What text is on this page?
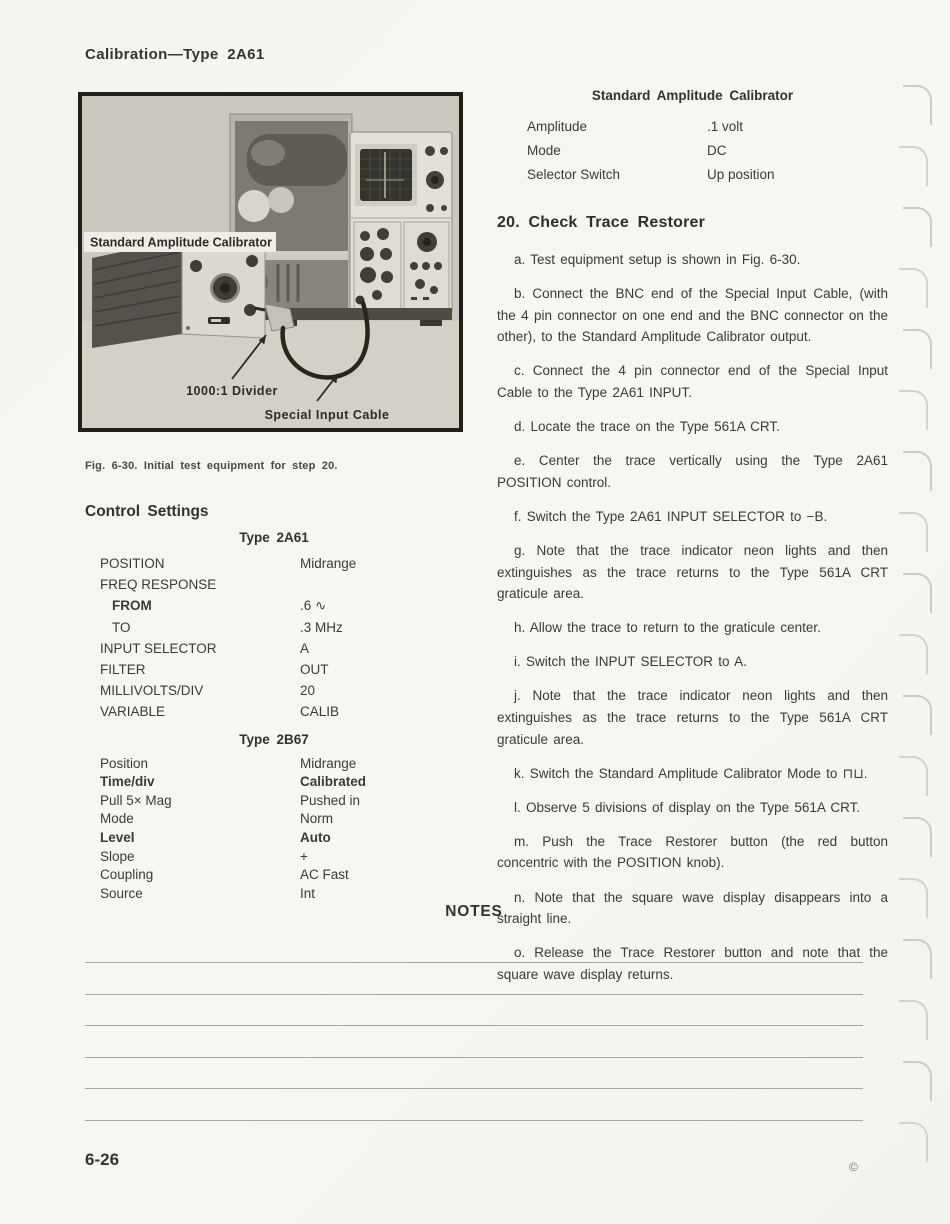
Calibration—Type 2A61
Standard Amplitude Calibrator
1000:1 Divider
Special Input Cable
Fig. 6-30. Initial test equipment for step 20.
Control Settings
Type 2A61
POSITION	Midrange
FREQ RESPONSE
FROM	.6 ∿
TO	.3 MHz
INPUT SELECTOR	A
FILTER	OUT
MILLIVOLTS/DIV	20
VARIABLE	CALIB
Type 2B67
Position	Midrange
Time/div	Calibrated
Pull 5× Mag	Pushed in
Mode	Norm
Level	Auto
Slope	+
Coupling	AC Fast
Source	Int
Standard Amplitude Calibrator
Amplitude	.1 volt
Mode	DC
Selector Switch	Up position
20. Check Trace Restorer

a. Test equipment setup is shown in Fig. 6-30.

b. Connect the BNC end of the Special Input Cable, (with the 4 pin connector on one end and the BNC connector on the other), to the Standard Amplitude Calibrator output.

c. Connect the 4 pin connector end of the Special Input Cable to the Type 2A61 INPUT.

d. Locate the trace on the Type 561A CRT.

e. Center the trace vertically using the Type 2A61 POSITION control.

f. Switch the Type 2A61 INPUT SELECTOR to −B.

g. Note that the trace indicator neon lights and then extinguishes as the trace returns to the Type 561A CRT graticule area.

h. Allow the trace to return to the graticule center.

i. Switch the INPUT SELECTOR to A.

j. Note that the trace indicator neon lights and then extinguishes as the trace returns to the Type 561A CRT graticule area.

k. Switch the Standard Amplitude Calibrator Mode to ⊓⊔.

l. Observe 5 divisions of display on the Type 561A CRT.

m. Push the Trace Restorer button (the red button concentric with the POSITION knob).

n. Note that the square wave display disappears into a straight line.

o. Release the Trace Restorer button and note that the square wave display returns.

NOTES
6-26	©
